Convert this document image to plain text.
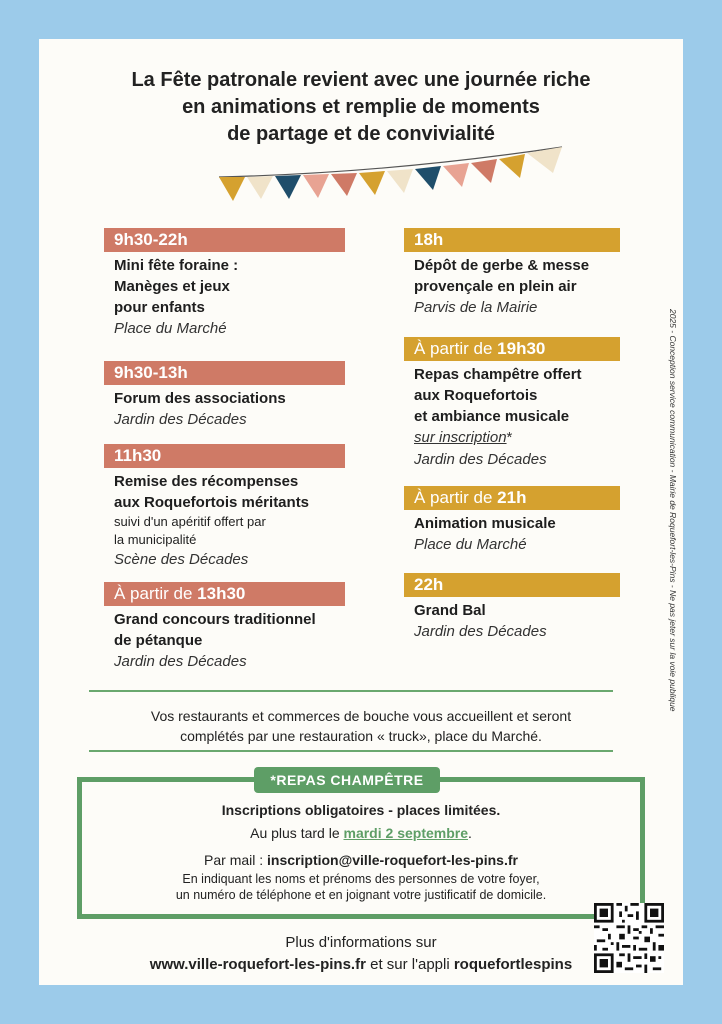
La Fête patronale revient avec une journée riche
en animations et remplie de moments
de partage et de convivialité
9h30-22h
Mini fête foraine :
Manèges et jeux
pour enfants
Place du Marché
9h30-13h
Forum des associations
Jardin des Décades
11h30
Remise des récompenses
aux Roquefortois méritants
suivi d'un apéritif offert par
la municipalité
Scène des Décades
À partir de 13h30
Grand concours traditionnel
de pétanque
Jardin des Décades
18h
Dépôt de gerbe & messe
provençale en plein air
Parvis de la Mairie
À partir de 19h30
Repas champêtre offert
aux Roquefortois
et ambiance musicale
sur inscription*
Jardin des Décades
À partir de 21h
Animation musicale
Place du Marché
22h
Grand Bal
Jardin des Décades
Vos restaurants et commerces de bouche vous accueillent et seront
complétés par une restauration « truck», place du Marché.
*REPAS CHAMPÊTRE
Inscriptions obligatoires - places limitées.
Au plus tard le mardi 2 septembre.
Par mail : inscription@ville-roquefort-les-pins.fr
En indiquant les noms et prénoms des personnes de votre foyer,
un numéro de téléphone et en joignant votre justificatif de domicile.
Plus d'informations sur
www.ville-roquefort-les-pins.fr et sur l'appli roquefortlespins
2025 - Conception service communication - Mairie de Roquefort-les-Pins - Ne pas jeter sur la voie publique
